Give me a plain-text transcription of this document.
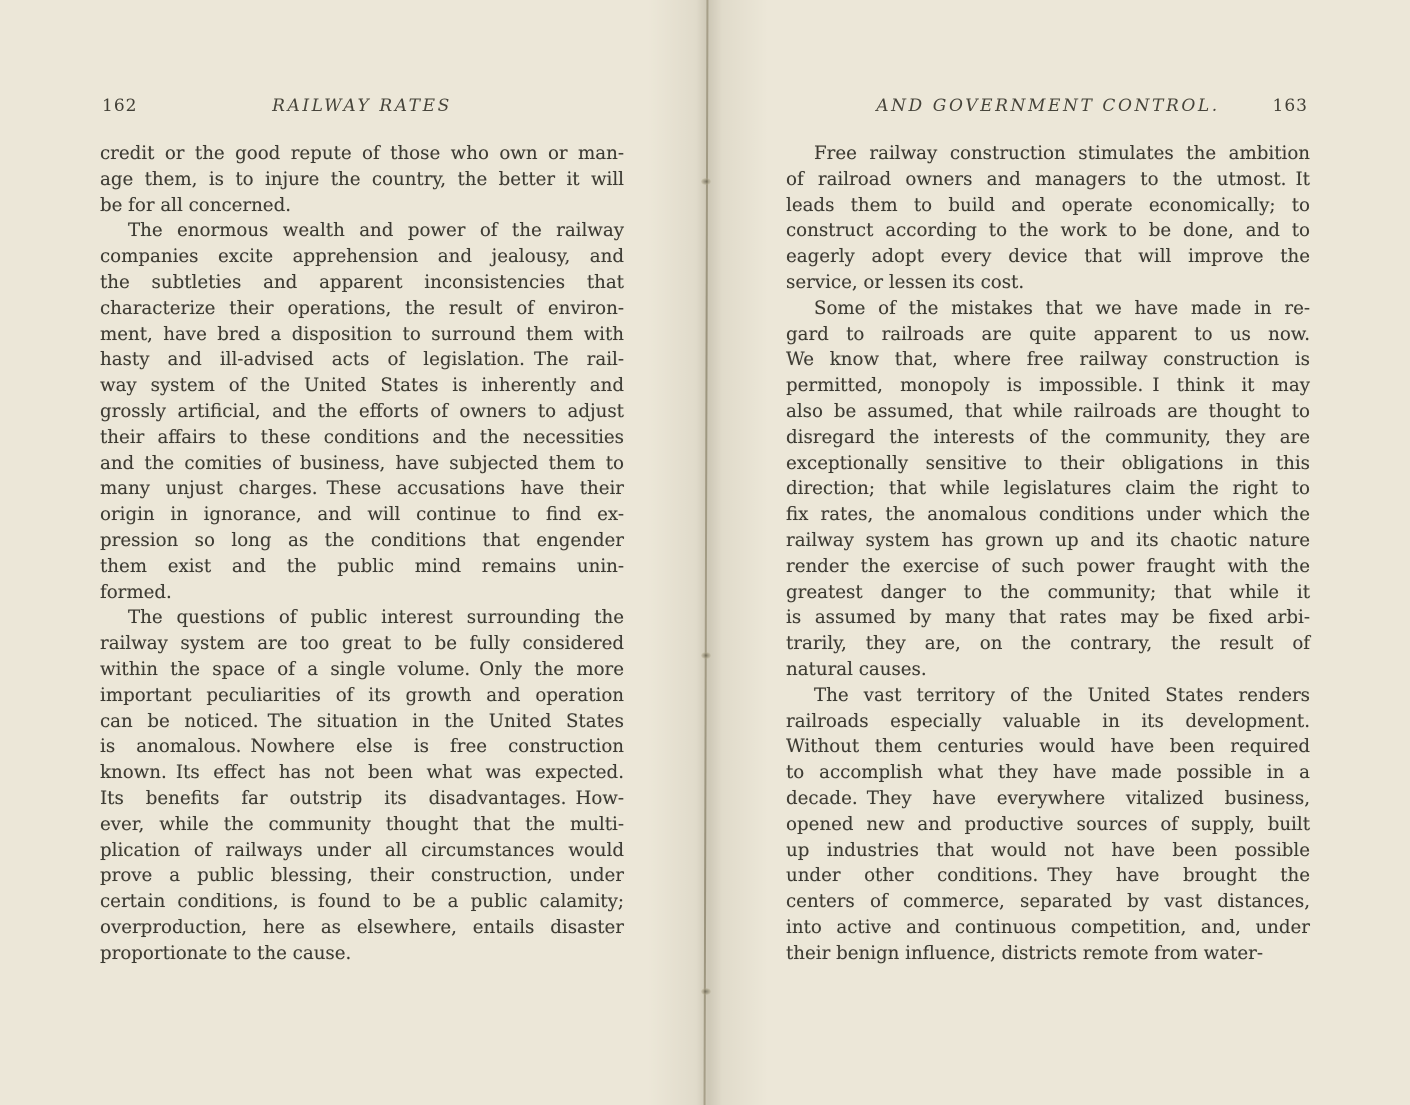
162	RAILWAY RATES	AND GOVERNMENT CONTROL.	163
credit or the good repute of those who own or man-
age them, is to injure the country, the better it will
be for all concerned.
The enormous wealth and power of the railway
companies excite apprehension and jealousy, and
the subtleties and apparent inconsistencies that
characterize their operations, the result of environ-
ment, have bred a disposition to surround them with
hasty and ill-advised acts of legislation. The rail-
way system of the United States is inherently and
grossly artificial, and the efforts of owners to adjust
their affairs to these conditions and the necessities
and the comities of business, have subjected them to
many unjust charges. These accusations have their
origin in ignorance, and will continue to find ex-
pression so long as the conditions that engender
them exist and the public mind remains unin-
formed.
The questions of public interest surrounding the
railway system are too great to be fully considered
within the space of a single volume. Only the more
important peculiarities of its growth and operation
can be noticed. The situation in the United States
is anomalous. Nowhere else is free construction
known. Its effect has not been what was expected.
Its benefits far outstrip its disadvantages. How-
ever, while the community thought that the multi-
plication of railways under all circumstances would
prove a public blessing, their construction, under
certain conditions, is found to be a public calamity;
overproduction, here as elsewhere, entails disaster
proportionate to the cause.
Free railway construction stimulates the ambition
of railroad owners and managers to the utmost. It
leads them to build and operate economically; to
construct according to the work to be done, and to
eagerly adopt every device that will improve the
service, or lessen its cost.
Some of the mistakes that we have made in re-
gard to railroads are quite apparent to us now.
We know that, where free railway construction is
permitted, monopoly is impossible. I think it may
also be assumed, that while railroads are thought to
disregard the interests of the community, they are
exceptionally sensitive to their obligations in this
direction; that while legislatures claim the right to
fix rates, the anomalous conditions under which the
railway system has grown up and its chaotic nature
render the exercise of such power fraught with the
greatest danger to the community; that while it
is assumed by many that rates may be fixed arbi-
trarily, they are, on the contrary, the result of
natural causes.
The vast territory of the United States renders
railroads especially valuable in its development.
Without them centuries would have been required
to accomplish what they have made possible in a
decade. They have everywhere vitalized business,
opened new and productive sources of supply, built
up industries that would not have been possible
under other conditions. They have brought the
centers of commerce, separated by vast distances,
into active and continuous competition, and, under
their benign influence, districts remote from water-
